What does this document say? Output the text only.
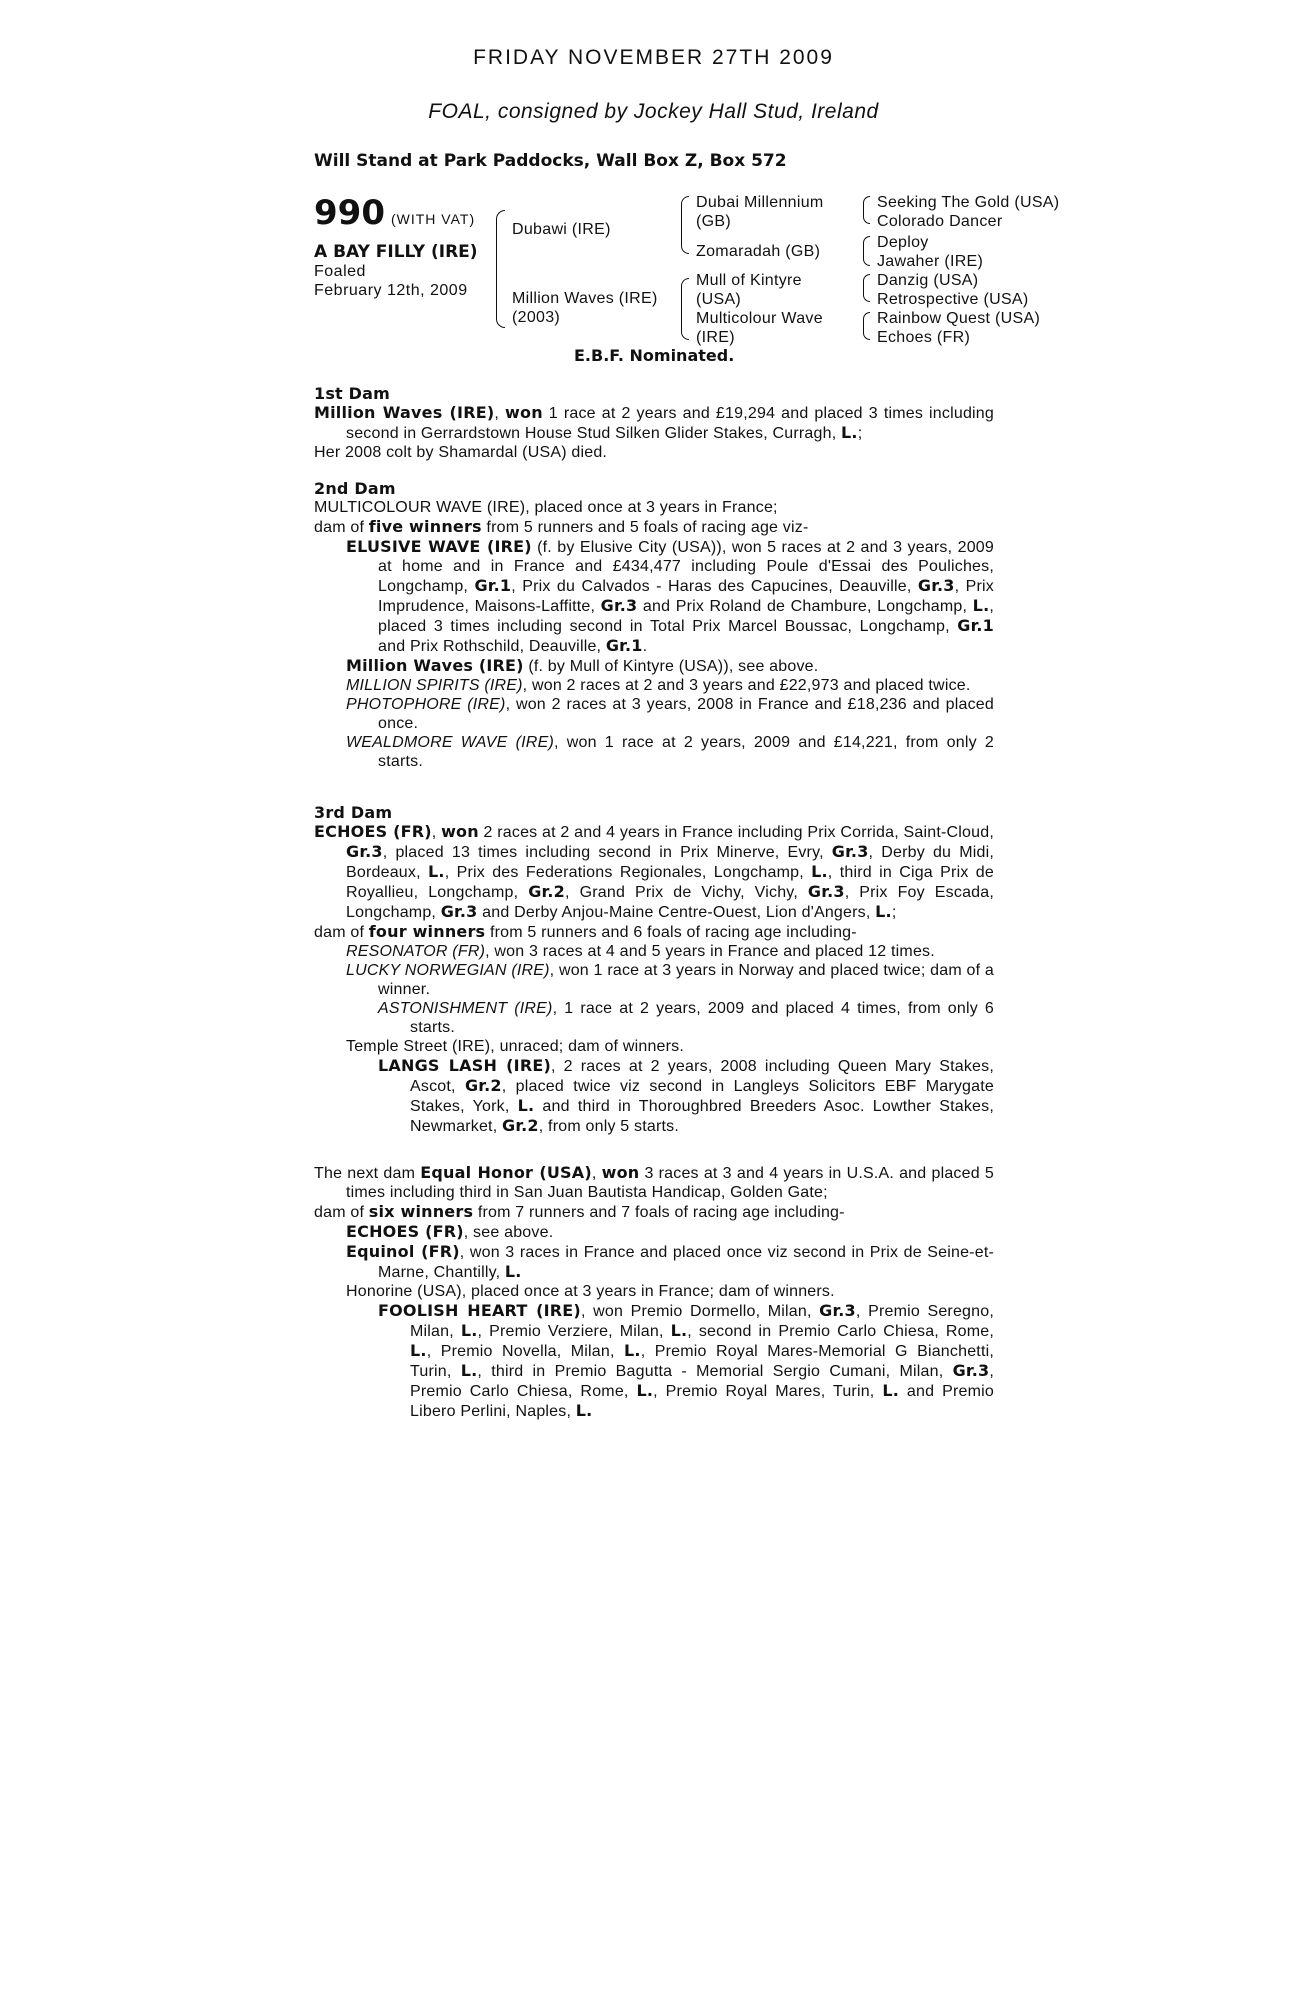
FRIDAY NOVEMBER 27TH 2009
FOAL, consigned by Jockey Hall Stud, Ireland
Will Stand at Park Paddocks, Wall Box Z, Box 572
990 (WITH VAT)
A BAY FILLY (IRE)
Foaled
February 12th, 2009
Dubawi (IRE)
Million Waves (IRE)
(2003)
Dubai Millennium
(GB)
Zomaradah (GB)
Mull of Kintyre
(USA)
Multicolour Wave
(IRE)
Seeking The Gold (USA)
Colorado Dancer
Deploy
Jawaher (IRE)
Danzig (USA)
Retrospective (USA)
Rainbow Quest (USA)
Echoes (FR)
E.B.F. Nominated.
1st Dam

Million Waves (IRE), won 1 race at 2 years and £19,294 and placed 3 times including second in Gerrardstown House Stud Silken Glider Stakes, Curragh, L.;

Her 2008 colt by Shamardal (USA) died.

2nd Dam

MULTICOLOUR WAVE (IRE), placed once at 3 years in France;

dam of five winners from 5 runners and 5 foals of racing age viz-

ELUSIVE WAVE (IRE) (f. by Elusive City (USA)), won 5 races at 2 and 3 years, 2009 at home and in France and £434,477 including Poule d'Essai des Pouliches, Longchamp, Gr.1, Prix du Calvados - Haras des Capucines, Deauville, Gr.3, Prix Imprudence, Maisons-Laffitte, Gr.3 and Prix Roland de Chambure, Longchamp, L., placed 3 times including second in Total Prix Marcel Boussac, Longchamp, Gr.1 and Prix Rothschild, Deauville, Gr.1.

Million Waves (IRE) (f. by Mull of Kintyre (USA)), see above.

MILLION SPIRITS (IRE), won 2 races at 2 and 3 years and £22,973 and placed twice.

PHOTOPHORE (IRE), won 2 races at 3 years, 2008 in France and £18,236 and placed once.

WEALDMORE WAVE (IRE), won 1 race at 2 years, 2009 and £14,221, from only 2 starts.

3rd Dam

ECHOES (FR), won 2 races at 2 and 4 years in France including Prix Corrida, Saint-Cloud, Gr.3, placed 13 times including second in Prix Minerve, Evry, Gr.3, Derby du Midi, Bordeaux, L., Prix des Federations Regionales, Longchamp, L., third in Ciga Prix de Royallieu, Longchamp, Gr.2, Grand Prix de Vichy, Vichy, Gr.3, Prix Foy Escada, Longchamp, Gr.3 and Derby Anjou-Maine Centre-Ouest, Lion d'Angers, L.;

dam of four winners from 5 runners and 6 foals of racing age including-

RESONATOR (FR), won 3 races at 4 and 5 years in France and placed 12 times.

LUCKY NORWEGIAN (IRE), won 1 race at 3 years in Norway and placed twice; dam of a winner.

ASTONISHMENT (IRE), 1 race at 2 years, 2009 and placed 4 times, from only 6 starts.

Temple Street (IRE), unraced; dam of winners.

LANGS LASH (IRE), 2 races at 2 years, 2008 including Queen Mary Stakes, Ascot, Gr.2, placed twice viz second in Langleys Solicitors EBF Marygate Stakes, York, L. and third in Thoroughbred Breeders Asoc. Lowther Stakes, Newmarket, Gr.2, from only 5 starts.

The next dam Equal Honor (USA), won 3 races at 3 and 4 years in U.S.A. and placed 5 times including third in San Juan Bautista Handicap, Golden Gate;

dam of six winners from 7 runners and 7 foals of racing age including-

ECHOES (FR), see above.

Equinol (FR), won 3 races in France and placed once viz second in Prix de Seine-et-Marne, Chantilly, L.

Honorine (USA), placed once at 3 years in France; dam of winners.

FOOLISH HEART (IRE), won Premio Dormello, Milan, Gr.3, Premio Seregno, Milan, L., Premio Verziere, Milan, L., second in Premio Carlo Chiesa, Rome, L., Premio Novella, Milan, L., Premio Royal Mares-Memorial G Bianchetti, Turin, L., third in Premio Bagutta - Memorial Sergio Cumani, Milan, Gr.3, Premio Carlo Chiesa, Rome, L., Premio Royal Mares, Turin, L. and Premio Libero Perlini, Naples, L.
